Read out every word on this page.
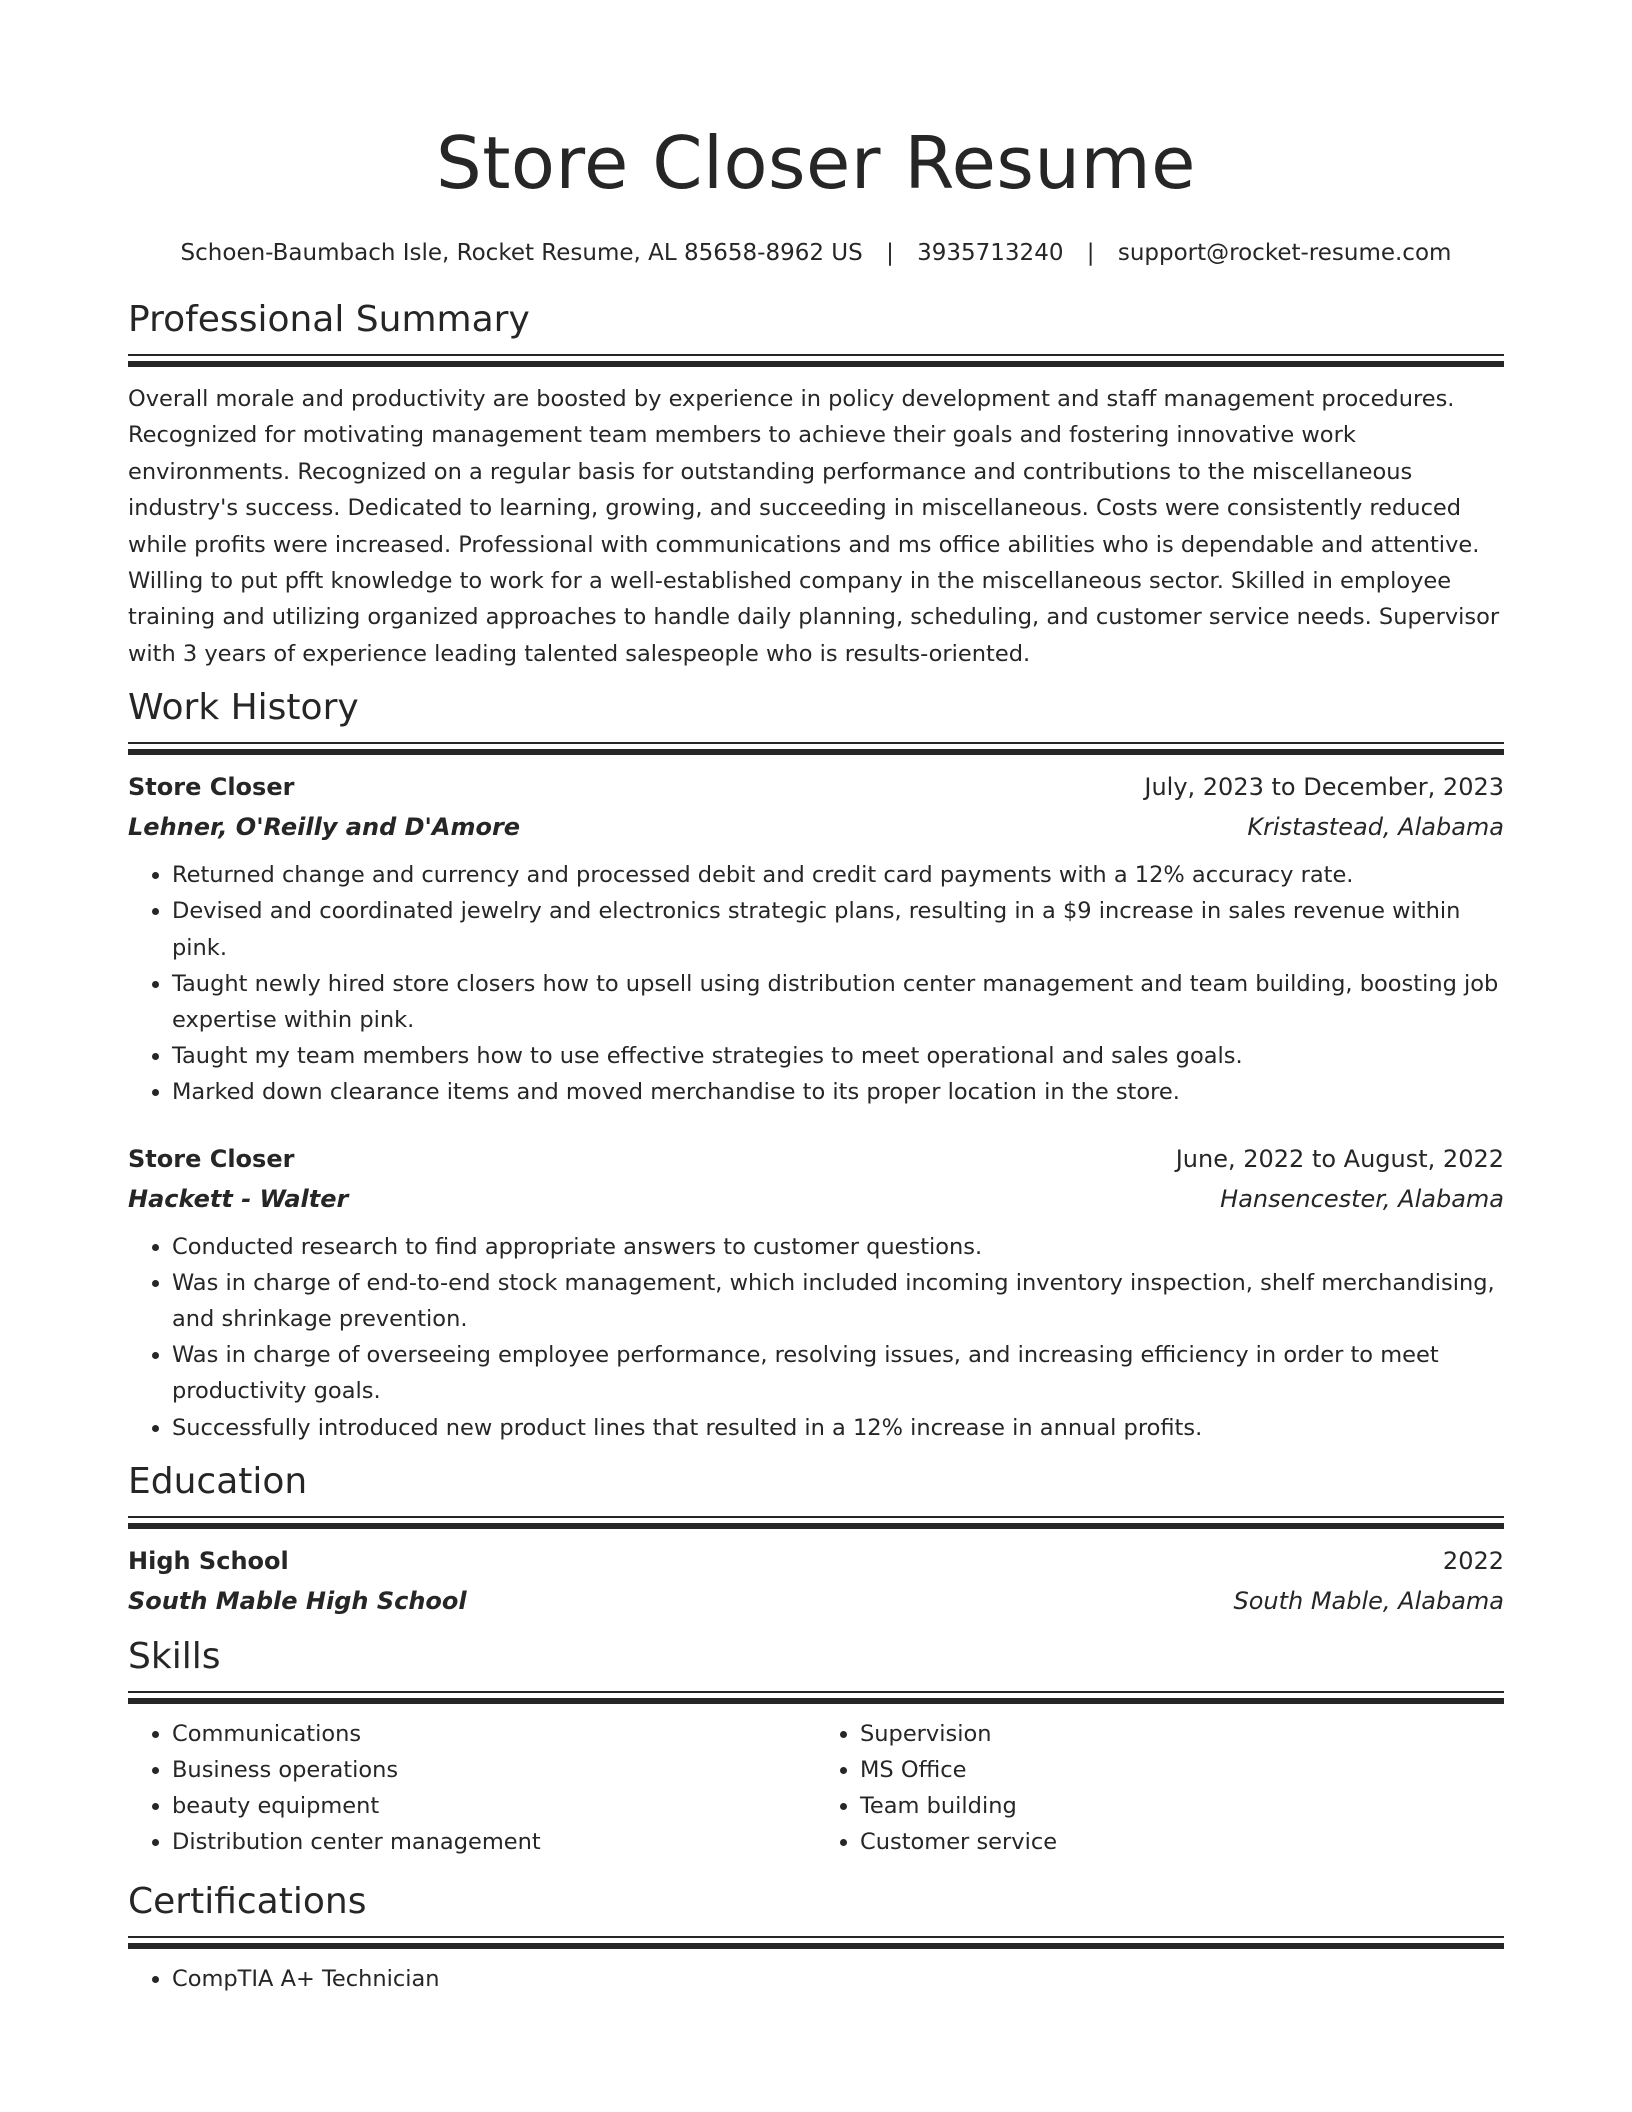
Store Closer Resume
Schoen-Baumbach Isle, Rocket Resume, AL 85658-8962 US | 3935713240 | support@rocket-resume.com
Professional Summary

Overall morale and productivity are boosted by experience in policy development and staff management procedures. Recognized for motivating management team members to achieve their goals and fostering innovative work environments. Recognized on a regular basis for outstanding performance and contributions to the miscellaneous industry's success. Dedicated to learning, growing, and succeeding in miscellaneous. Costs were consistently reduced while profits were increased. Professional with communications and ms office abilities who is dependable and attentive. Willing to put pfft knowledge to work for a well-established company in the miscellaneous sector. Skilled in employee training and utilizing organized approaches to handle daily planning, scheduling, and customer service needs. Supervisor with 3 years of experience leading talented salespeople who is results-oriented.

Work History
Store Closer	July, 2023 to December, 2023
Lehner, O'Reilly and D'Amore	Kristastead, Alabama
• Returned change and currency and processed debit and credit card payments with a 12% accuracy rate.
• Devised and coordinated jewelry and electronics strategic plans, resulting in a $9 increase in sales revenue within pink.
• Taught newly hired store closers how to upsell using distribution center management and team building, boosting job expertise within pink.
• Taught my team members how to use effective strategies to meet operational and sales goals.
• Marked down clearance items and moved merchandise to its proper location in the store.
Store Closer	June, 2022 to August, 2022
Hackett - Walter	Hansencester, Alabama
• Conducted research to find appropriate answers to customer questions.
• Was in charge of end-to-end stock management, which included incoming inventory inspection, shelf merchandising, and shrinkage prevention.
• Was in charge of overseeing employee performance, resolving issues, and increasing efficiency in order to meet productivity goals.
• Successfully introduced new product lines that resulted in a 12% increase in annual profits.
Education
High School	2022
South Mable High School	South Mable, Alabama
Skills
• Communications
• Business operations
• beauty equipment
• Distribution center management
• Supervision
• MS Office
• Team building
• Customer service
Certifications
• CompTIA A+ Technician
